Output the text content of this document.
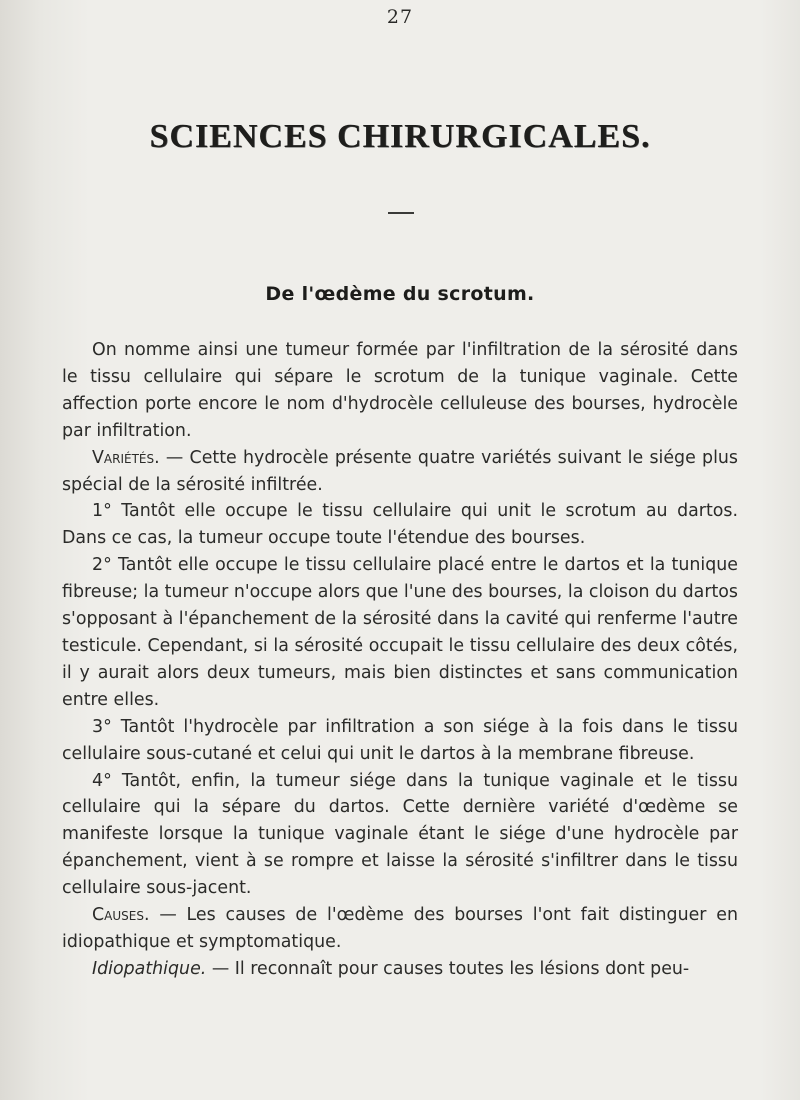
27
SCIENCES CHIRURGICALES.
De l'œdème du scrotum.

On nomme ainsi une tumeur formée par l'infiltration de la sérosité dans le tissu cellulaire qui sépare le scrotum de la tunique vaginale. Cette affection porte encore le nom d'hydrocèle celluleuse des bourses, hydrocèle par infiltration.

Variétés. — Cette hydrocèle présente quatre variétés suivant le siége plus spécial de la sérosité infiltrée.

1° Tantôt elle occupe le tissu cellulaire qui unit le scrotum au dartos. Dans ce cas, la tumeur occupe toute l'étendue des bourses.

2° Tantôt elle occupe le tissu cellulaire placé entre le dartos et la tunique fibreuse; la tumeur n'occupe alors que l'une des bourses, la cloison du dartos s'opposant à l'épanchement de la sérosité dans la cavité qui renferme l'autre testicule. Cependant, si la sérosité occupait le tissu cellulaire des deux côtés, il y aurait alors deux tumeurs, mais bien distinctes et sans communication entre elles.

3° Tantôt l'hydrocèle par infiltration a son siége à la fois dans le tissu cellulaire sous-cutané et celui qui unit le dartos à la membrane fibreuse.

4° Tantôt, enfin, la tumeur siége dans la tunique vaginale et le tissu cellulaire qui la sépare du dartos. Cette dernière variété d'œdème se manifeste lorsque la tunique vaginale étant le siége d'une hydrocèle par épanchement, vient à se rompre et laisse la sérosité s'infiltrer dans le tissu cellulaire sous-jacent.

Causes. — Les causes de l'œdème des bourses l'ont fait distinguer en idiopathique et symptomatique.

Idiopathique. — Il reconnaît pour causes toutes les lésions dont peu-
